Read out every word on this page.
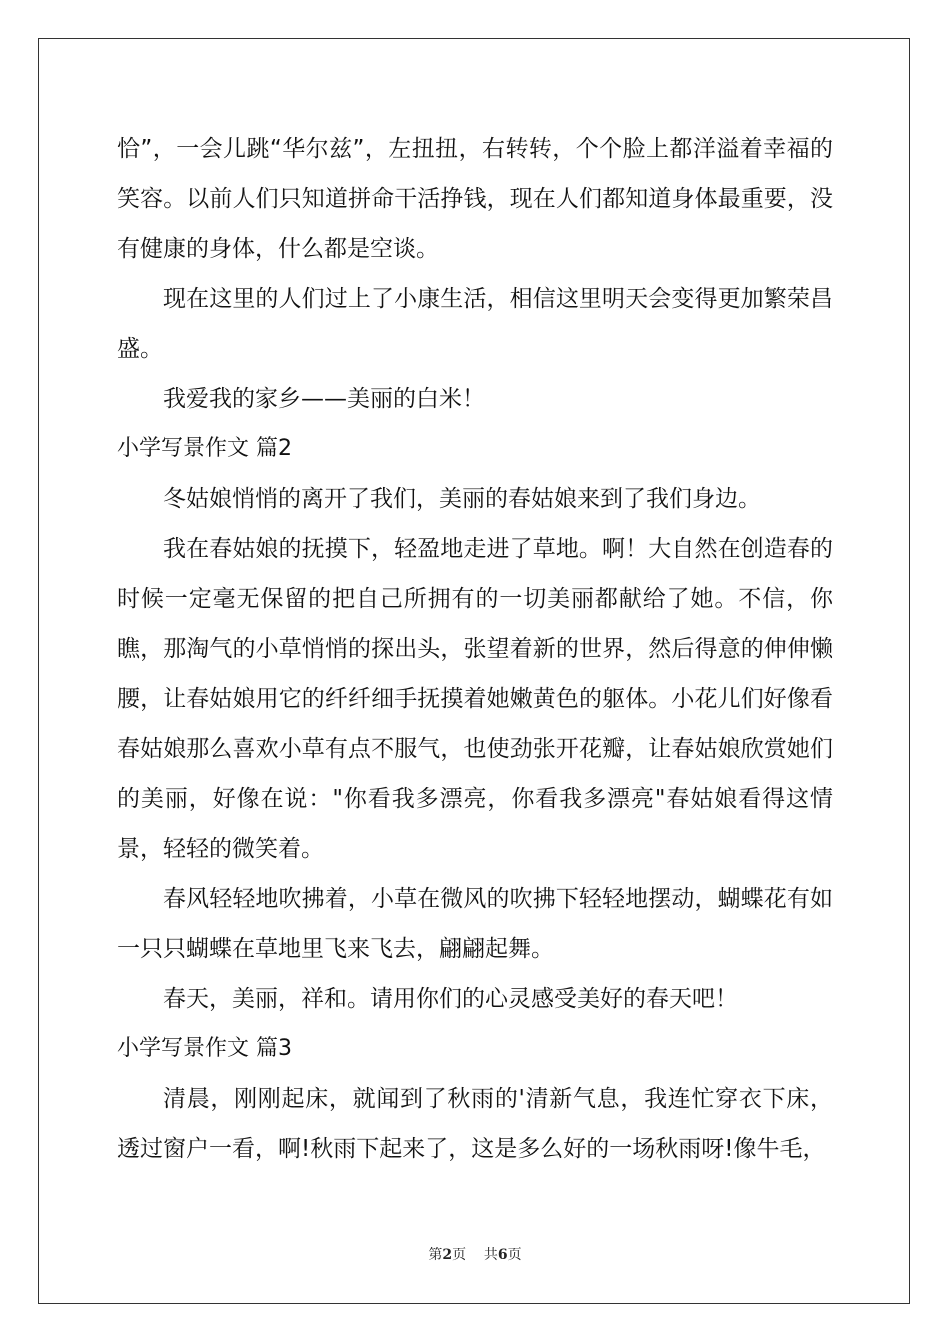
恰”，一会儿跳“华尔兹”，左扭扭，右转转，个个脸上都洋溢着幸福的笑容。以前人们只知道拼命干活挣钱，现在人们都知道身体最重要，没有健康的身体，什么都是空谈。

现在这里的人们过上了小康生活，相信这里明天会变得更加繁荣昌盛。

我爱我的家乡——美丽的白米！

小学写景作文 篇2

冬姑娘悄悄的离开了我们，美丽的春姑娘来到了我们身边。

我在春姑娘的抚摸下，轻盈地走进了草地。啊！大自然在创造春的时候一定毫无保留的把自己所拥有的一切美丽都献给了她。不信，你瞧，那淘气的小草悄悄的探出头，张望着新的世界，然后得意的伸伸懒腰，让春姑娘用它的纤纤细手抚摸着她嫩黄色的躯体。小花儿们好像看春姑娘那么喜欢小草有点不服气，也使劲张开花瓣，让春姑娘欣赏她们的美丽，好像在说："你看我多漂亮，你看我多漂亮"春姑娘看得这情景，轻轻的微笑着。

春风轻轻地吹拂着，小草在微风的吹拂下轻轻地摆动，蝴蝶花有如一只只蝴蝶在草地里飞来飞去，翩翩起舞。

春天，美丽，祥和。请用你们的心灵感受美好的春天吧！

小学写景作文 篇3

清晨，刚刚起床，就闻到了秋雨的'清新气息，我连忙穿衣下床，透过窗户一看，啊!秋雨下起来了，这是多么好的一场秋雨呀!像牛毛，

第2页    共6页
